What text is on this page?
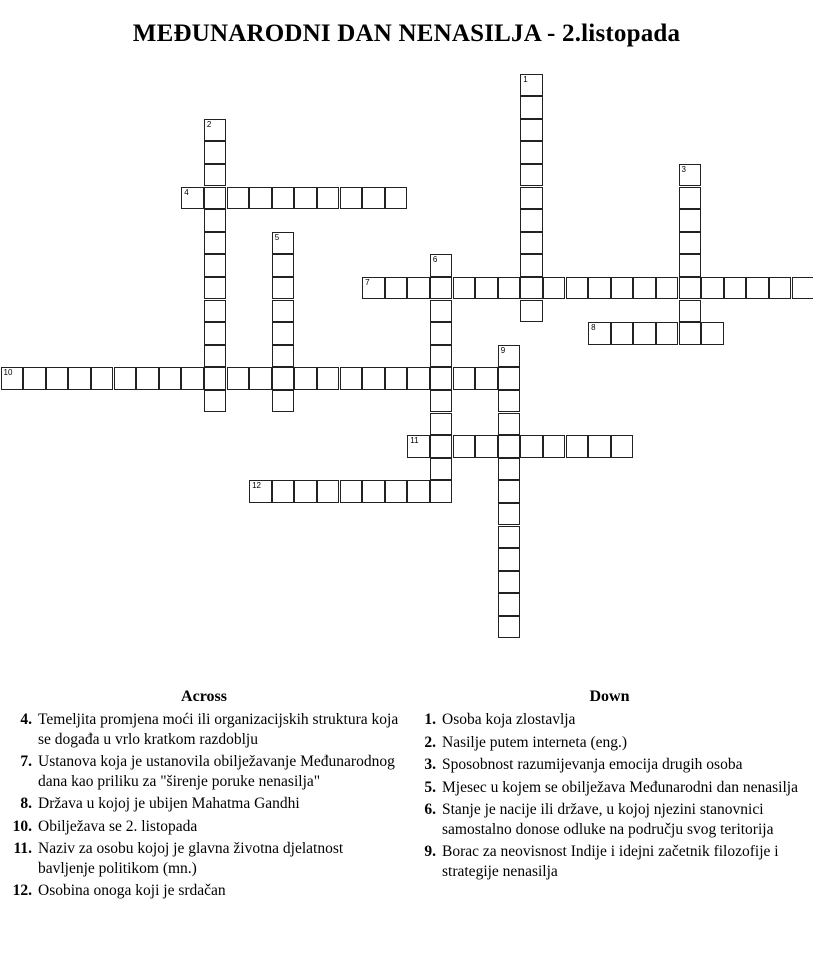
MEĐUNARODNI DAN NENASILJA - 2.listopada
1
2
3
4
5
6
7
8
9
10
11
12
Across
4. Temeljita promjena moći ili organizacijskih struktura koja se događa u vrlo kratkom razdoblju
7. Ustanova koja je ustanovila obilježavanje Međunarodnog dana kao priliku za "širenje poruke nenasilja"
8. Država u kojoj je ubijen Mahatma Gandhi
10. Obilježava se 2. listopada
11. Naziv za osobu kojoj je glavna životna djelatnost bavljenje politikom (mn.)
12. Osobina onoga koji je srdačan
Down
1. Osoba koja zlostavlja
2. Nasilje putem interneta (eng.)
3. Sposobnost razumijevanja emocija drugih osoba
5. Mjesec u kojem se obilježava Međunarodni dan nenasilja
6. Stanje je nacije ili države, u kojoj njezini stanovnici samostalno donose odluke na području svog teritorija
9. Borac za neovisnost Indije i idejni začetnik filozofije i strategije nenasilja
